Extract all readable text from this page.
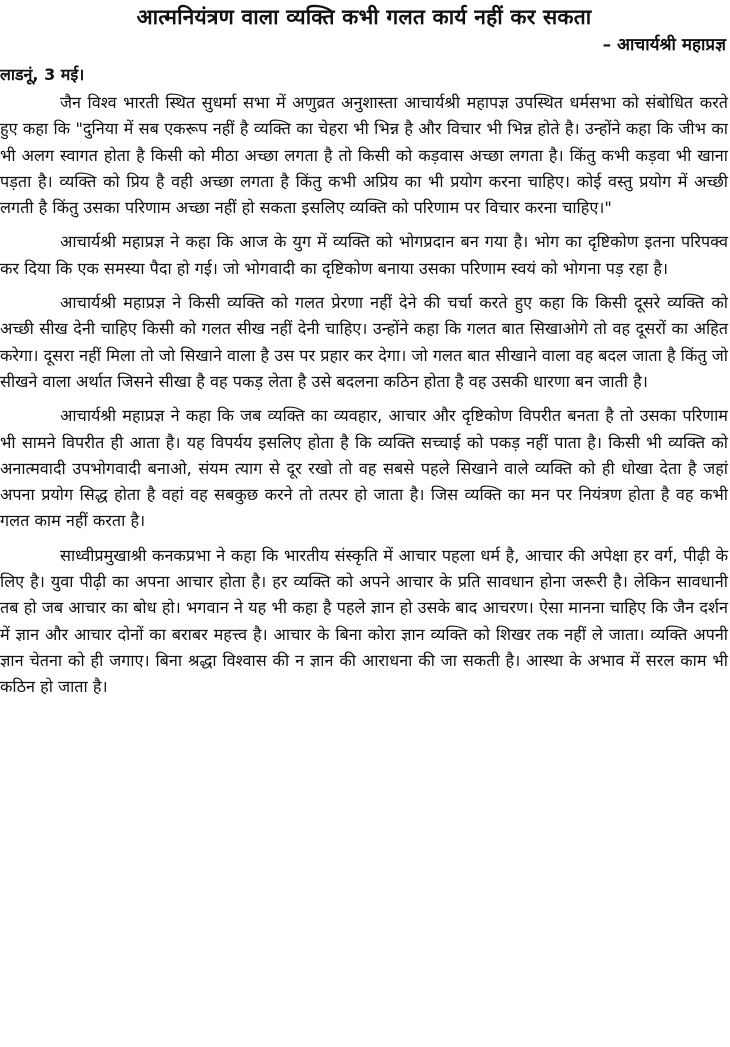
आत्मनियंत्रण वाला व्यक्ति कभी गलत कार्य नहीं कर सकता
– आचार्यश्री महाप्रज्ञ
लाडनूं, 3 मई।

जैन विश्व भारती स्थित सुधर्मा सभा में अणुव्रत अनुशास्ता आचार्यश्री महापज्ञ उपस्थित धर्मसभा को संबोधित करते हुए कहा कि "दुनिया में सब एकरूप नहीं है व्यक्ति का चेहरा भी भिन्न है और विचार भी भिन्न होते है। उन्होंने कहा कि जीभ का भी अलग स्वागत होता है किसी को मीठा अच्छा लगता है तो किसी को कड़वास अच्छा लगता है। किंतु कभी कड़वा भी खाना पड़ता है। व्यक्ति को प्रिय है वही अच्छा लगता है किंतु कभी अप्रिय का भी प्रयोग करना चाहिए। कोई वस्तु प्रयोग में अच्छी लगती है किंतु उसका परिणाम अच्छा नहीं हो सकता इसलिए व्यक्ति को परिणाम पर विचार करना चाहिए।"

आचार्यश्री महाप्रज्ञ ने कहा कि आज के युग में व्यक्ति को भोगप्रदान बन गया है। भोग का दृष्टिकोण इतना परिपक्व कर दिया कि एक समस्या पैदा हो गई। जो भोगवादी का दृष्टिकोण बनाया उसका परिणाम स्वयं को भोगना पड़ रहा है।

आचार्यश्री महाप्रज्ञ ने किसी व्यक्ति को गलत प्रेरणा नहीं देने की चर्चा करते हुए कहा कि किसी दूसरे व्यक्ति को अच्छी सीख देनी चाहिए किसी को गलत सीख नहीं देनी चाहिए। उन्होंने कहा कि गलत बात सिखाओगे तो वह दूसरों का अहित करेगा। दूसरा नहीं मिला तो जो सिखाने वाला है उस पर प्रहार कर देगा। जो गलत बात सीखाने वाला वह बदल जाता है किंतु जो सीखने वाला अर्थात जिसने सीखा है वह पकड़ लेता है उसे बदलना कठिन होता है वह उसकी धारणा बन जाती है।

आचार्यश्री महाप्रज्ञ ने कहा कि जब व्यक्ति का व्यवहार, आचार और दृष्टिकोण विपरीत बनता है तो उसका परिणाम भी सामने विपरीत ही आता है। यह विपर्यय इसलिए होता है कि व्यक्ति सच्चाई को पकड़ नहीं पाता है। किसी भी व्यक्ति को अनात्मवादी उपभोगवादी बनाओ, संयम त्याग से दूर रखो तो वह सबसे पहले सिखाने वाले व्यक्ति को ही धोखा देता है जहां अपना प्रयोग सिद्ध होता है वहां वह सबकुछ करने तो तत्पर हो जाता है। जिस व्यक्ति का मन पर नियंत्रण होता है वह कभी गलत काम नहीं करता है।

साध्वीप्रमुखाश्री कनकप्रभा ने कहा कि भारतीय संस्कृति में आचार पहला धर्म है, आचार की अपेक्षा हर वर्ग, पीढ़ी के लिए है। युवा पीढ़ी का अपना आचार होता है। हर व्यक्ति को अपने आचार के प्रति सावधान होना जरूरी है। लेकिन सावधानी तब हो जब आचार का बोध हो। भगवान ने यह भी कहा है पहले ज्ञान हो उसके बाद आचरण। ऐसा मानना चाहिए कि जैन दर्शन में ज्ञान और आचार दोनों का बराबर महत्त्व है। आचार के बिना कोरा ज्ञान व्यक्ति को शिखर तक नहीं ले जाता। व्यक्ति अपनी ज्ञान चेतना को ही जगाए। बिना श्रद्धा विश्वास की न ज्ञान की आराधना की जा सकती है। आस्था के अभाव में सरल काम भी कठिन हो जाता है।
